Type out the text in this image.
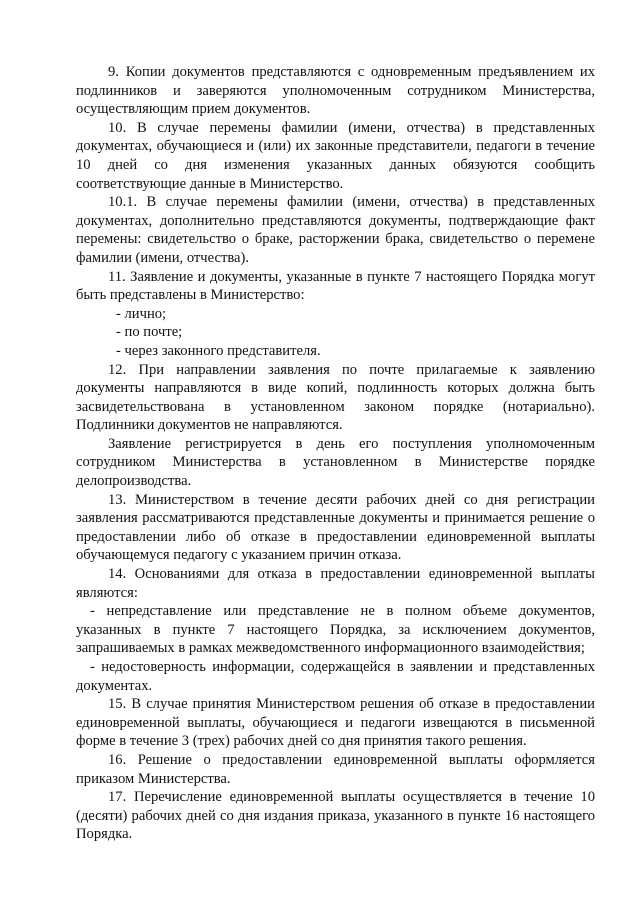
9. Копии документов представляются с одновременным предъявлением их подлинников и заверяются уполномоченным сотрудником Министерства, осуществляющим прием документов.

10. В случае перемены фамилии (имени, отчества) в представленных документах, обучающиеся и (или) их законные представители, педагоги в течение 10 дней со дня изменения указанных данных обязуются сообщить соответствующие данные в Министерство.

10.1. В случае перемены фамилии (имени, отчества) в представленных документах, дополнительно представляются документы, подтверждающие факт перемены: свидетельство о браке, расторжении брака, свидетельство о перемене фамилии (имени, отчества).

11. Заявление и документы, указанные в пункте 7 настоящего Порядка могут быть представлены в Министерство:

- лично;

- по почте;

- через законного представителя.

12. При направлении заявления по почте прилагаемые к заявлению документы направляются в виде копий, подлинность которых должна быть засвидетельствована в установленном законом порядке (нотариально). Подлинники документов не направляются.

Заявление регистрируется в день его поступления уполномоченным сотрудником Министерства в установленном в Министерстве порядке делопроизводства.

13. Министерством в течение десяти рабочих дней со дня регистрации заявления рассматриваются представленные документы и принимается решение о предоставлении либо об отказе в предоставлении единовременной выплаты обучающемуся педагогу с указанием причин отказа.

14. Основаниями для отказа в предоставлении единовременной выплаты являются:

- непредставление или представление не в полном объеме документов, указанных в пункте 7 настоящего Порядка, за исключением документов, запрашиваемых в рамках межведомственного информационного взаимодействия;

- недостоверность информации, содержащейся в заявлении и представленных документах.

15. В случае принятия Министерством решения об отказе в предоставлении единовременной выплаты, обучающиеся и педагоги извещаются в письменной форме в течение 3 (трех) рабочих дней со дня принятия такого решения.

16. Решение о предоставлении единовременной выплаты оформляется приказом Министерства.

17. Перечисление единовременной выплаты осуществляется в течение 10 (десяти) рабочих дней со дня издания приказа, указанного в пункте 16 настоящего Порядка.
